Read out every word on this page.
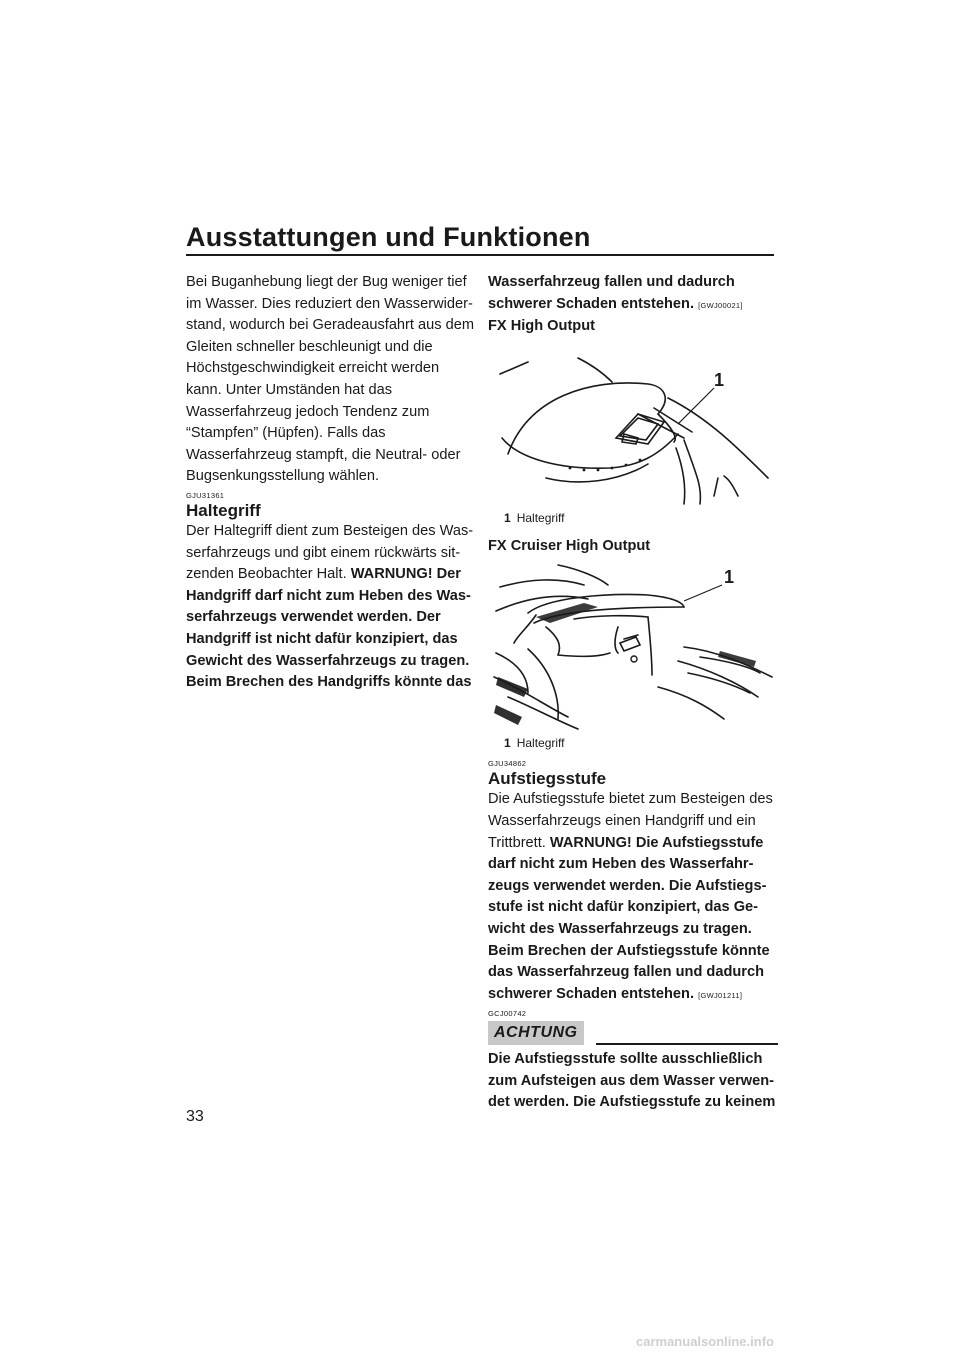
Ausstattungen und Funktionen

Bei Buganhebung liegt der Bug weniger tief im Wasser. Dies reduziert den Wasserwiderstand, wodurch bei Geradeausfahrt aus dem Gleiten schneller beschleunigt und die Höchstgeschwindigkeit erreicht werden kann. Unter Umständen hat das Wasserfahrzeug jedoch Tendenz zum “Stampfen” (Hüpfen). Falls das Wasserfahrzeug stampft, die Neutral- oder Bugsenkungsstellung wählen.

GJU31361
Haltegriff

Der Haltegriff dient zum Besteigen des Wasserfahrzeugs und gibt einem rückwärts sitzenden Beobachter Halt. WARNUNG! Der Handgriff darf nicht zum Heben des Wasserfahrzeugs verwendet werden. Der Handgriff ist nicht dafür konzipiert, das Gewicht des Wasserfahrzeugs zu tragen. Beim Brechen des Handgriffs könnte das

Wasserfahrzeug fallen und dadurch schwerer Schaden entstehen. [GWJ00021]

FX High Output

1
1 Haltegriff

FX Cruiser High Output

1
1 Haltegriff
GJU34862
Aufstiegsstufe

Die Aufstiegsstufe bietet zum Besteigen des Wasserfahrzeugs einen Handgriff und ein Trittbrett. WARNUNG! Die Aufstiegsstufe darf nicht zum Heben des Wasserfahrzeugs verwendet werden. Die Aufstiegsstufe ist nicht dafür konzipiert, das Gewicht des Wasserfahrzeugs zu tragen. Beim Brechen der Aufstiegsstufe könnte das Wasserfahrzeug fallen und dadurch schwerer Schaden entstehen. [GWJ01211]

GCJ00742
ACHTUNG

Die Aufstiegsstufe sollte ausschließlich zum Aufsteigen aus dem Wasser verwendet werden. Die Aufstiegsstufe zu keinem

33
carmanualsonline.info
